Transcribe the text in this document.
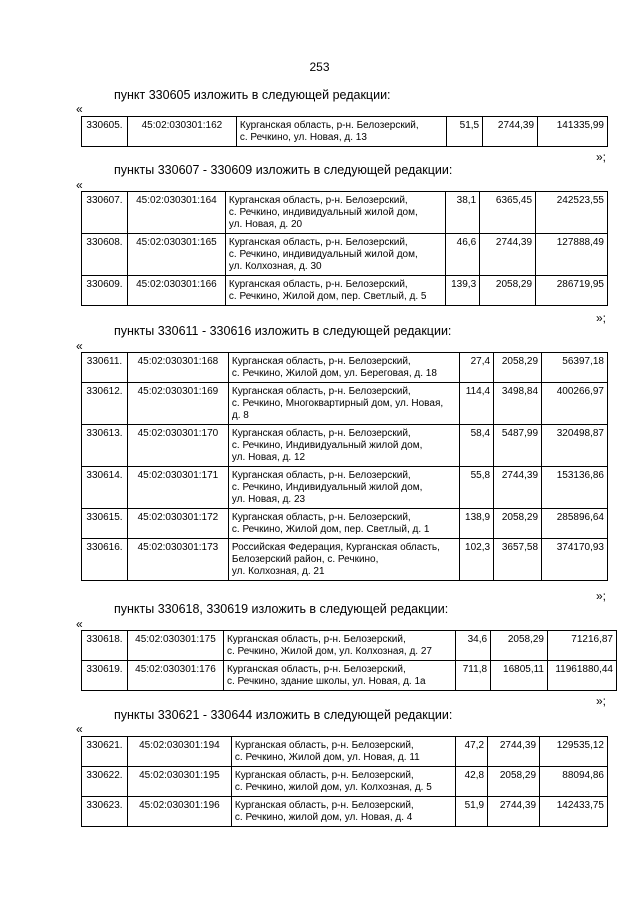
253
пункт 330605 изложить в следующей редакции:
«
330605.	45:02:030301:162	Курганская область, р-н. Белозерский,
с. Речкино, ул. Новая, д. 13	51,5	2744,39	141335,99
»;
пункты 330607 - 330609 изложить в следующей редакции:
«
330607.	45:02:030301:164	Курганская область, р-н. Белозерский,
с. Речкино, индивидуальный жилой дом,
ул. Новая, д. 20	38,1	6365,45	242523,55
330608.	45:02:030301:165	Курганская область, р-н. Белозерский,
с. Речкино, индивидуальный жилой дом,
ул. Колхозная, д. 30	46,6	2744,39	127888,49
330609.	45:02:030301:166	Курганская область, р-н. Белозерский,
с. Речкино, Жилой дом, пер. Светлый, д. 5	139,3	2058,29	286719,95
»;
пункты 330611 - 330616 изложить в следующей редакции:
«
330611.	45:02:030301:168	Курганская область, р-н. Белозерский,
с. Речкино, Жилой дом, ул. Береговая, д. 18	27,4	2058,29	56397,18
330612.	45:02:030301:169	Курганская область, р-н. Белозерский,
с. Речкино, Многоквартирный дом, ул. Новая,
д. 8	114,4	3498,84	400266,97
330613.	45:02:030301:170	Курганская область, р-н. Белозерский,
с. Речкино, Индивидуальный жилой дом,
ул. Новая, д. 12	58,4	5487,99	320498,87
330614.	45:02:030301:171	Курганская область, р-н. Белозерский,
с. Речкино, Индивидуальный жилой дом,
ул. Новая, д. 23	55,8	2744,39	153136,86
330615.	45:02:030301:172	Курганская область, р-н. Белозерский,
с. Речкино, Жилой дом, пер. Светлый, д. 1	138,9	2058,29	285896,64
330616.	45:02:030301:173	Российская Федерация, Курганская область,
Белозерский район, с. Речкино,
ул. Колхозная, д. 21	102,3	3657,58	374170,93
»;
пункты 330618, 330619 изложить в следующей редакции:
«
330618.	45:02:030301:175	Курганская область, р-н. Белозерский,
с. Речкино, Жилой дом, ул. Колхозная, д. 27	34,6	2058,29	71216,87
330619.	45:02:030301:176	Курганская область, р-н. Белозерский,
с. Речкино, здание школы, ул. Новая, д. 1а	711,8	16805,11	11961880,44
»;
пункты 330621 - 330644 изложить в следующей редакции:
«
330621.	45:02:030301:194	Курганская область, р-н. Белозерский,
с. Речкино, Жилой дом, ул. Новая, д. 11	47,2	2744,39	129535,12
330622.	45:02:030301:195	Курганская область, р-н. Белозерский,
с. Речкино, жилой дом, ул. Колхозная, д. 5	42,8	2058,29	88094,86
330623.	45:02:030301:196	Курганская область, р-н. Белозерский,
с. Речкино, жилой дом, ул. Новая, д. 4	51,9	2744,39	142433,75
